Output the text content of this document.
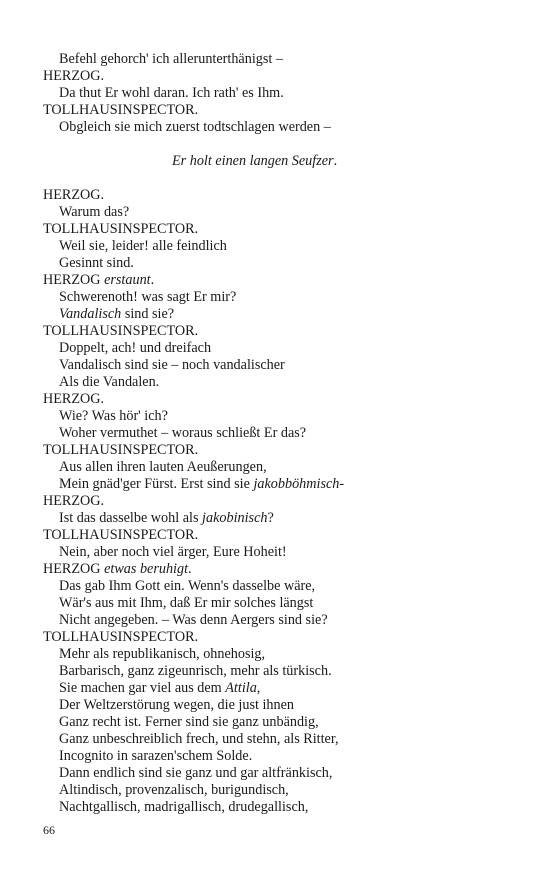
Befehl gehorch' ich allerunterthänigst –
HERZOG.
Da thut Er wohl daran. Ich rath' es Ihm.
TOLLHAUSINSPECTOR.
Obgleich sie mich zuerst todtschlagen werden –
Er holt einen langen Seufzer.
HERZOG.
Warum das?
TOLLHAUSINSPECTOR.
Weil sie, leider! alle feindlich
Gesinnt sind.
HERZOG erstaunt.
Schwerenoth! was sagt Er mir?
Vandalisch sind sie?
TOLLHAUSINSPECTOR.
Doppelt, ach! und dreifach
Vandalisch sind sie – noch vandalischer
Als die Vandalen.
HERZOG.
Wie? Was hör' ich?
Woher vermuthet – woraus schließt Er das?
TOLLHAUSINSPECTOR.
Aus allen ihren lauten Aeußerungen,
Mein gnäd'ger Fürst. Erst sind sie jakobböhmisch-
HERZOG.
Ist das dasselbe wohl als jakobinisch?
TOLLHAUSINSPECTOR.
Nein, aber noch viel ärger, Eure Hoheit!
HERZOG etwas beruhigt.
Das gab Ihm Gott ein. Wenn's dasselbe wäre,
Wär's aus mit Ihm, daß Er mir solches längst
Nicht angegeben. – Was denn Aergers sind sie?
TOLLHAUSINSPECTOR.
Mehr als republikanisch, ohnehosig,
Barbarisch, ganz zigeunrisch, mehr als türkisch.
Sie machen gar viel aus dem Attila,
Der Weltzerstörung wegen, die just ihnen
Ganz recht ist. Ferner sind sie ganz unbändig,
Ganz unbeschreiblich frech, und stehn, als Ritter,
Incognito in sarazen'schem Solde.
Dann endlich sind sie ganz und gar altfränkisch,
Altindisch, provenzalisch, burigundisch,
Nachtgallisch, madrigallisch, drudegallisch,
66
